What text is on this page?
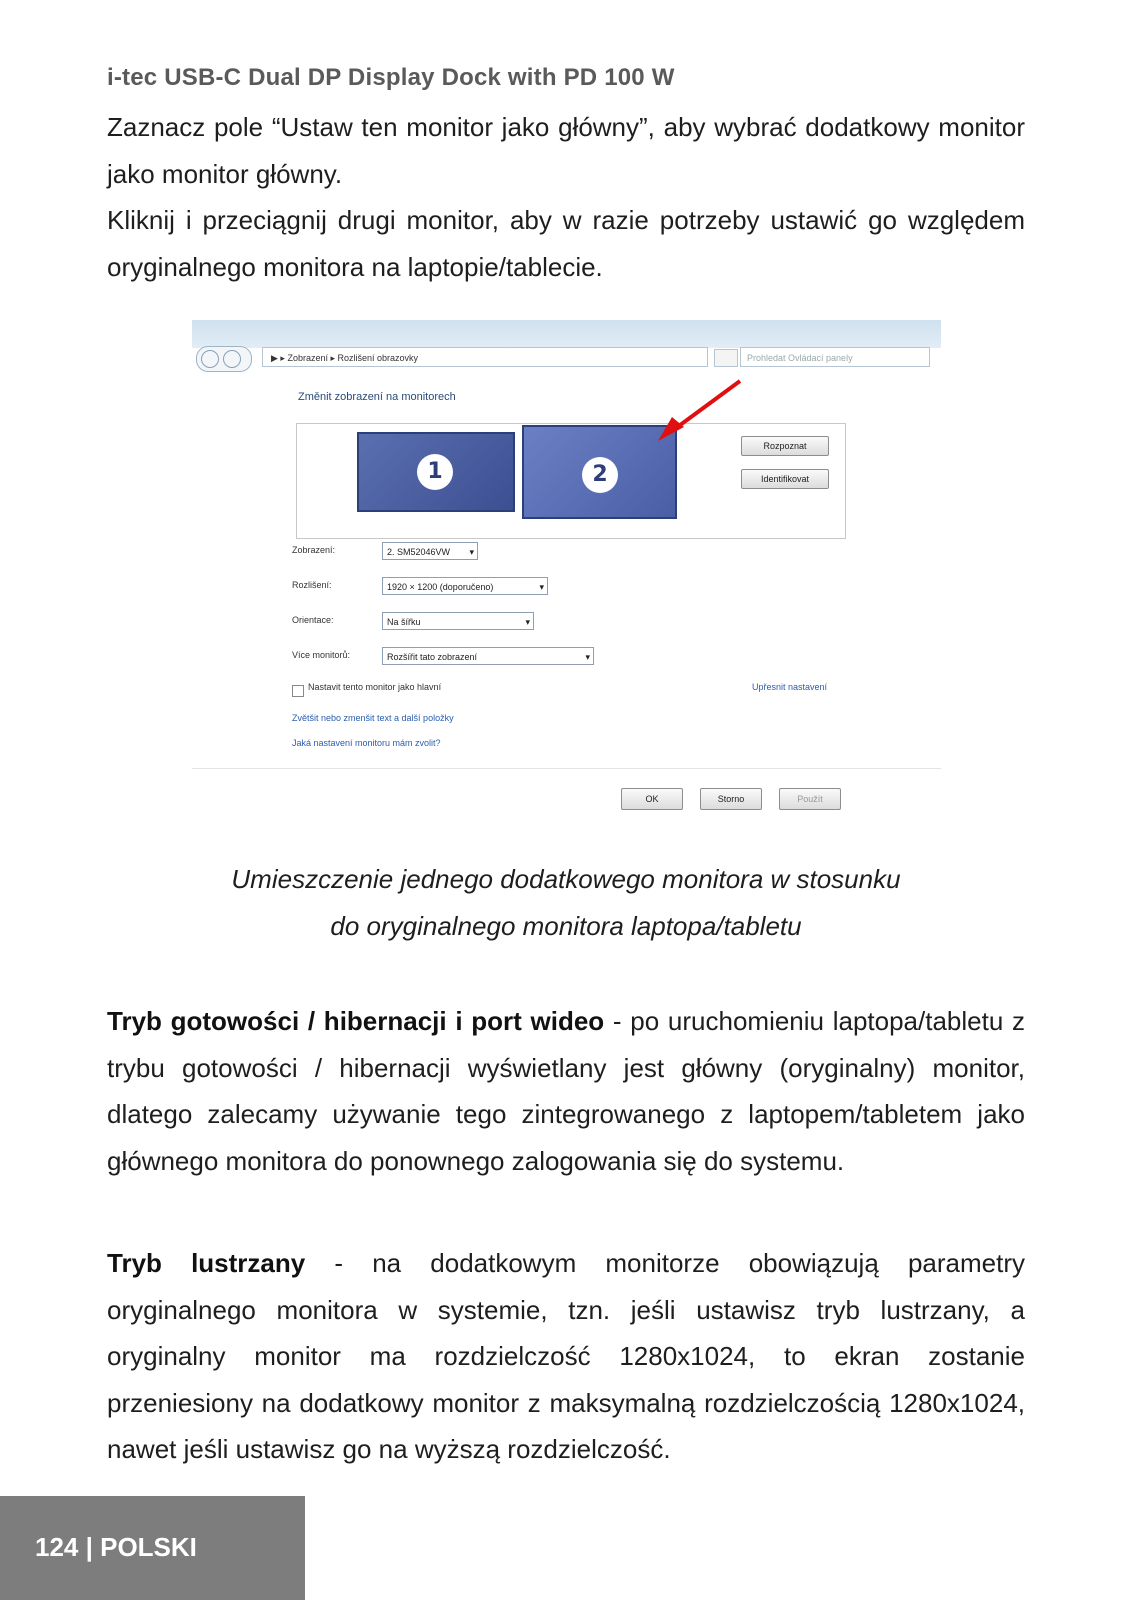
i-tec USB-C Dual DP Display Dock with PD 100 W

Zaznacz pole “Ustaw ten monitor jako główny”, aby wybrać dodatkowy monitor jako monitor główny.

Kliknij i przeciągnij drugi monitor, aby w razie potrzeby ustawić go względem oryginalnego monitora na laptopie/tablecie.

▶ ▸ Zobrazení ▸ Rozlišení obrazovky	Prohledat Ovládací panely
Změnit zobrazení na monitorech
1	2
Rozpoznat
Identifikovat
Zobrazení:	2. SM52046VW ▾
Rozlišení:	1920 × 1200 (doporučeno) ▾
Orientace:	Na šířku ▾
Více monitorů:	Rozšířit tato zobrazení ▾
Nastavit tento monitor jako hlavní	Upřesnit nastavení
Zvětšit nebo zmenšit text a další položky
Jaká nastavení monitoru mám zvolit?
OK	Storno	Použít

Umieszczenie jednego dodatkowego monitora w stosunku

do oryginalnego monitora laptopa/tabletu

Tryb gotowości / hibernacji i port wideo - po uruchomieniu laptopa/tabletu z trybu gotowości / hibernacji wyświetlany jest główny (oryginalny) monitor, dlatego zalecamy używanie tego zintegrowanego z laptopem/tabletem jako głównego monitora do ponownego zalogowania się do systemu.

Tryb lustrzany - na dodatkowym monitorze obowiązują parametry oryginalnego monitora w systemie, tzn. jeśli ustawisz tryb lustrzany, a oryginalny monitor ma rozdzielczość 1280x1024, to ekran zostanie przeniesiony na dodatkowy monitor z maksymalną rozdzielczością 1280x1024, nawet jeśli ustawisz go na wyższą rozdzielczość.

124 | POLSKI
